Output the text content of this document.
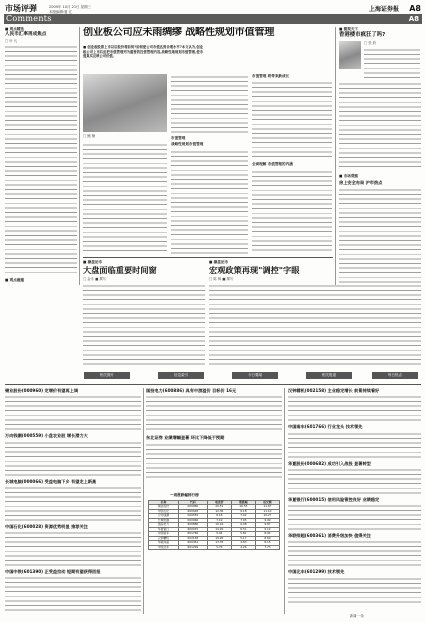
市场评弹	2009年 10月 21日 星期三
本版编辑:夏 汇	上海证券报 A8
Comments	A8
■ 观点精选
人民币汇率再成焦点
□ 叶 凡
■ 观点碰撞
创业板公司应未雨绸缪 战略性规划市值管理
■ 创业板股票上市以后股价将如何?如何使公司市值达到合理水平?本文认为,创业板公司上市后应把市值管理列为重要的经营管理内容,战略性地规划市值管理,使市值真实反映公司价值。
□ 鲍 楠	市值管理
战略性规划市值管理
市值管理 将带来新成长
全面理解 市值管理的内涵
■ 微观天下
香港楼市疯狂了吗?
□ 张 欣
■ 市场观察
房上安全布局 沪市热点
■ 操盘论市
大盘面临重要时间窗
□ 金永 ■ 撰写
■ 操盘论市
宏观政策再现"调控"字眼
□ 陈 枫 ■ 撰写
相关图片	信息索引	今日要闻	相关报道	每日热点
锡业股份(000960) 定增价有望再上调
万向钱潮(000559) 小盘农业股 增长潜力大
长城电脑(000066) 受益电脑下乡 有望走上新高
中国石化(600028) 资源优势明显 推荐关注
中国中铁(601390) 正受益拉动 短期有望获得回报
国投电力(600886) 具有中游溢价 目标价 16元
东北证券 业绩增幅显著 环比下降低于预期
汉钟精机(002158) 主业稳定增长 前景持续看好
中国南车(601766) 行业龙头 技术领先
华夏股份(000682) 成功引入战投 显著转型
华夏银行(600015) 信用风险管控良好 业绩稳定
华联综超(600361) 消费升级加快 值得关注
中国北车(601299) 技术领先
一周涨跌幅排行榜
名称	代码	收盘价	涨跌幅	成交额
锡业股份	000960	20.51	16.55	11.67
中国石化	600028	12.36	9.18	11.10
万向钱潮	000559	8.18	7.42	10.27
长城电脑	000066	7.19	7.05	9.99
国投电力	600886	10.16	6.98	9.87
华夏银行	600015	14.20	6.51	9.12
中国南车	601766	5.94	5.81	8.94
汉钟精机	002158	19.26	5.17	8.60
华联综超	600361	13.35	4.83	8.15
中国北车	601299	5.76	4.26	7.73
新闻·一条
